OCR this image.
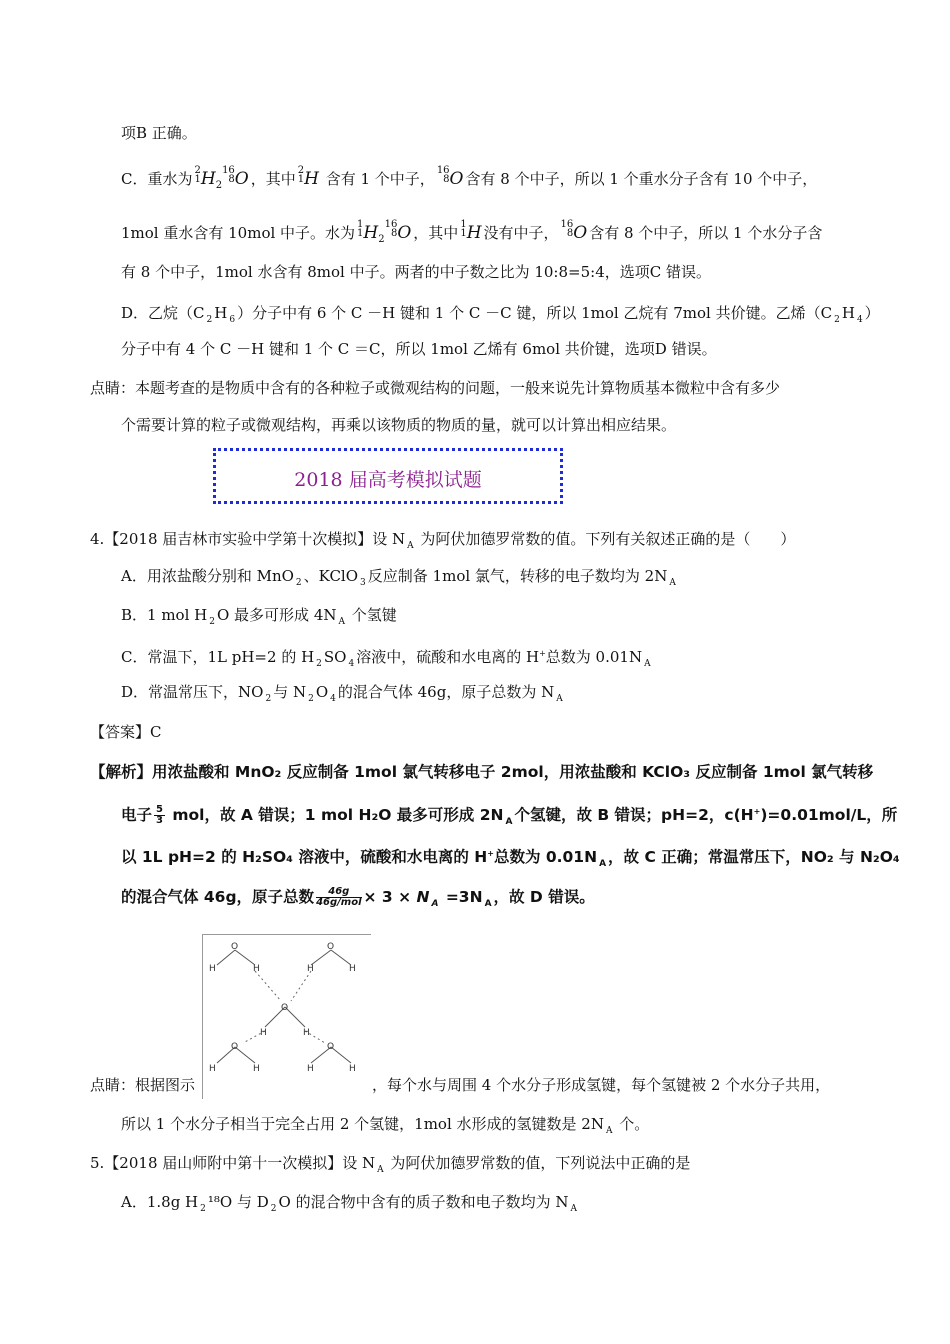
项B 正确。
C．重水为 2
1 H2
16
8 O ，其中 2
1 H 含有 1 个中子， 16
8 O 含有 8 个中子，所以 1 个重水分子含有 10 个中子，
1mol 重水含有 10mol 中子。水为 1
1 H2
16
8 O ，其中 1
1 H 没有中子， 16
8 O 含有 8 个中子，所以 1 个水分子含
有 8 个中子，1mol 水含有 8mol 中子。两者的中子数之比为 10:8=5:4，选项C 错误。
D．乙烷（C $_2$ H $_6$ ）分子中有 6 个 C －H 键和 1 个 C －C 键，所以 1mol 乙烷有 7mol 共价键。乙烯（C $_2$ H $_4$ ）
分子中有 4 个 C －H 键和 1 个 C ＝C，所以 1mol 乙烯有 6mol 共价键，选项D 错误。
点睛：本题考查的是物质中含有的各种粒子或微观结构的问题，一般来说先计算物质基本微粒中含有多少
个需要计算的粒子或微观结构，再乘以该物质的物质的量，就可以计算出相应结果。
2018 届高考模拟试题
4.【2018 届吉林市实验中学第十次模拟】设 N $_A$ 为阿伏加德罗常数的值。下列有关叙述正确的是（　　）
A．用浓盐酸分别和 MnO $_2$ 、KClO $_3$ 反应制备 1mol 氯气，转移的电子数均为 2N $_A$
B．1 mol H $_2$ O 最多可形成 4N $_A$ 个氢键
C．常温下，1L pH=2 的 H $_2$ SO $_4$ 溶液中，硫酸和水电离的 H+总数为 0.01N $_A$
D．常温常压下，NO $_2$ 与 N $_2$ O $_4$ 的混合气体 46g，原子总数为 N $_A$
【答案】C
【解析】用浓盐酸和 MnO₂ 反应制备 1mol 氯气转移电子 2mol，用浓盐酸和 KClO₃ 反应制备 1mol 氯气转移
电子 $\frac{5}{3}$ mol，故 A 错误；1 mol H₂O 最多可形成 2N $_A$ 个氢键，故 B 错误；pH=2，c(H+)=0.01mol/L，所
以 1L pH=2 的 H₂SO₄ 溶液中，硫酸和水电离的 H+总数为 0.01N $_A$ ，故 C 正确；常温常压下，NO₂ 与 N₂O₄
的混合气体 46g，原子总数 $\frac{46g}{\text{46g/mol}} \times 3 \times N$ $_A$ =3N $_A$ ，故 D 错误。
O
H	H
O
H	H
O
H	H
O
H	H
O
H	H
点睛：根据图示	，每个水与周围 4 个水分子形成氢键，每个氢键被 2 个水分子共用，
所以 1 个水分子相当于完全占用 2 个氢键，1mol 水形成的氢键数是 2N $_A$ 个。
5.【2018 届山师附中第十一次模拟】设 N $_A$ 为阿伏加德罗常数的值，下列说法中正确的是
A．1.8g H $_2$ ¹⁸O 与 D $_2$ O 的混合物中含有的质子数和电子数均为 N $_A$
